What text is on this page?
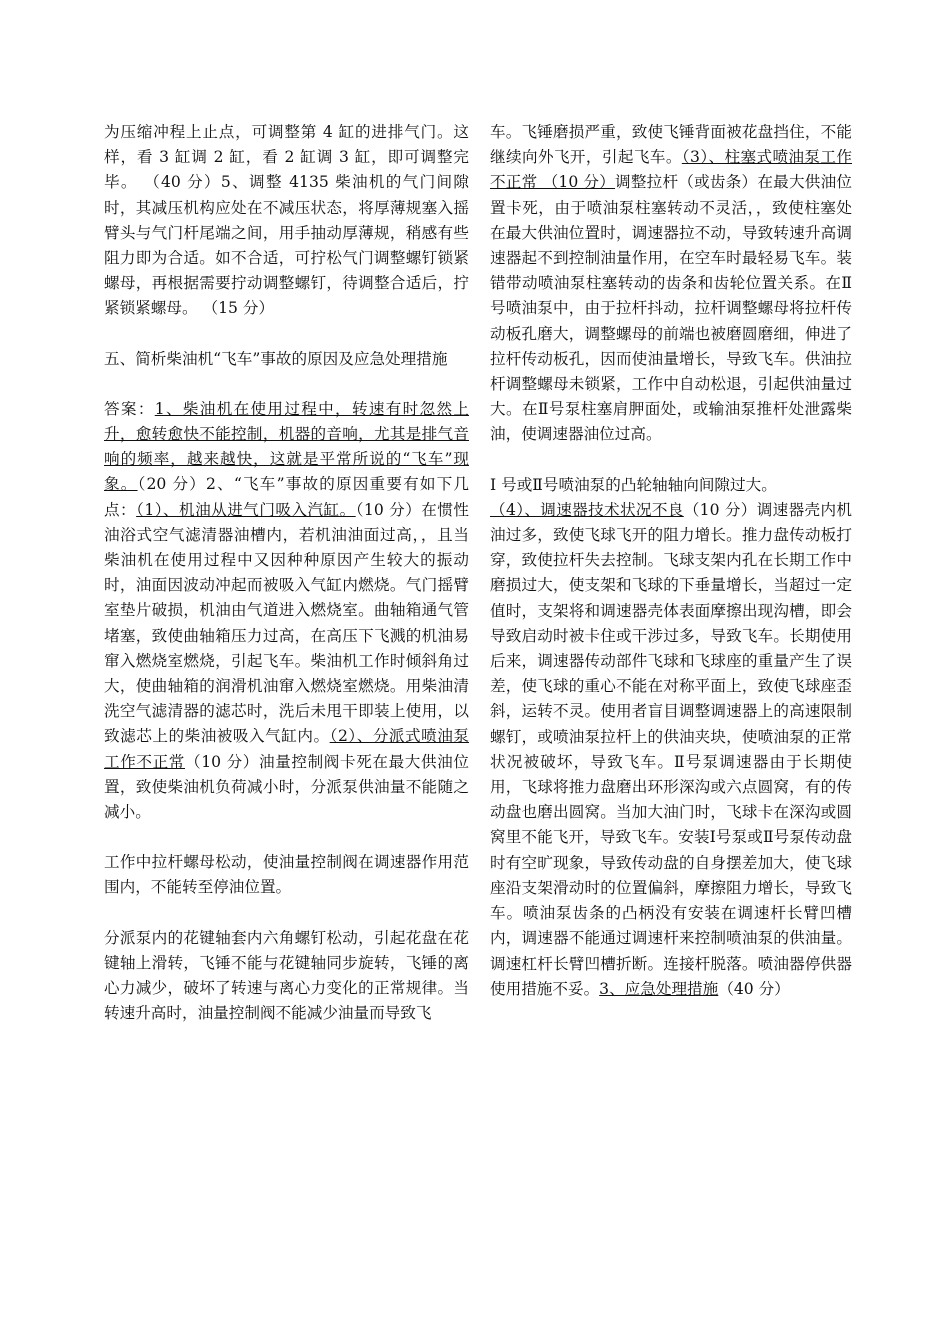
为压缩冲程上止点，可调整第 4 缸的进排气门。这样，看 3 缸调 2 缸，看 2 缸调 3 缸，即可调整完毕。 （40 分）5、调整 4135 柴油机的气门间隙时，其减压机构应处在不减压状态，将厚薄规塞入摇臂头与气门杆尾端之间，用手抽动厚薄规，稍感有些阻力即为合适。如不合适，可拧松气门调整螺钉锁紧螺母，再根据需要拧动调整螺钉，待调整合适后，拧紧锁紧螺母。 （15 分）

五、简析柴油机“飞车”事故的原因及应急处理措施

答案：1、柴油机在使用过程中，转速有时忽然上升，愈转愈快不能控制，机器的音响，尤其是排气音响的频率，越来越快，这就是平常所说的“飞车”现象。（20 分）2、“飞车”事故的原因重要有如下几点：（1）、机油从进气门吸入汽缸。（10 分）在惯性油浴式空气滤清器油槽内，若机油油面过高，，且当柴油机在使用过程中又因种种原因产生较大的振动时，油面因波动冲起而被吸入气缸内燃烧。气门摇臂室垫片破损，机油由气道进入燃烧室。曲轴箱通气管堵塞，致使曲轴箱压力过高，在高压下飞溅的机油易窜入燃烧室燃烧，引起飞车。柴油机工作时倾斜角过大，使曲轴箱的润滑机油窜入燃烧室燃烧。用柴油清洗空气滤清器的滤芯时，洗后未甩干即装上使用，以致滤芯上的柴油被吸入气缸内。（2）、分派式喷油泵工作不正常（10 分）油量控制阀卡死在最大供油位置，致使柴油机负荷减小时，分派泵供油量不能随之减小。

工作中拉杆螺母松动，使油量控制阀在调速器作用范围内，不能转至停油位置。

分派泵内的花键轴套内六角螺钉松动，引起花盘在花键轴上滑转，飞锤不能与花键轴同步旋转，飞锤的离心力减少，破坏了转速与离心力变化的正常规律。当转速升高时，油量控制阀不能减少油量而导致飞

车。飞锤磨损严重，致使飞锤背面被花盘挡住，不能继续向外飞开，引起飞车。（3）、柱塞式喷油泵工作不正常 （10 分）调整拉杆（或齿条）在最大供油位置卡死，由于喷油泵柱塞转动不灵活，，致使柱塞处在最大供油位置时，调速器拉不动，导致转速升高调速器起不到控制油量作用，在空车时最轻易飞车。装错带动喷油泵柱塞转动的齿条和齿轮位置关系。在Ⅱ号喷油泵中，由于拉杆抖动，拉杆调整螺母将拉杆传动板孔磨大，调整螺母的前端也被磨圆磨细，伸进了拉杆传动板孔，因而使油量增长，导致飞车。供油拉杆调整螺母未锁紧，工作中自动松退，引起供油量过大。在Ⅱ号泵柱塞肩胛面处，或输油泵推杆处泄露柴油，使调速器油位过高。

Ⅰ 号或Ⅱ号喷油泵的凸轮轴轴向间隙过大。
（4）、调速器技术状况不良（10 分）调速器壳内机油过多，致使飞球飞开的阻力增长。推力盘传动板打穿，致使拉杆失去控制。飞球支架内孔在长期工作中磨损过大，使支架和飞球的下垂量增长，当超过一定值时，支架将和调速器壳体表面摩擦出现沟槽，即会导致启动时被卡住或干涉过多，导致飞车。长期使用后来，调速器传动部件飞球和飞球座的重量产生了误差，使飞球的重心不能在对称平面上，致使飞球座歪斜，运转不灵。使用者盲目调整调速器上的高速限制螺钉，或喷油泵拉杆上的供油夹块，使喷油泵的正常状况被破坏，导致飞车。Ⅱ号泵调速器由于长期使用，飞球将推力盘磨出环形深沟或六点圆窝，有的传动盘也磨出圆窝。当加大油门时，飞球卡在深沟或圆窝里不能飞开，导致飞车。安装Ⅰ号泵或Ⅱ号泵传动盘时有空旷现象，导致传动盘的自身摆差加大，使飞球座沿支架滑动时的位置偏斜，摩擦阻力增长，导致飞车。喷油泵齿条的凸柄没有安装在调速杆长臂凹槽内，调速器不能通过调速杆来控制喷油泵的供油量。调速杠杆长臂凹槽折断。连接杆脱落。喷油器停供器使用措施不妥。3、应急处理措施（40 分）
